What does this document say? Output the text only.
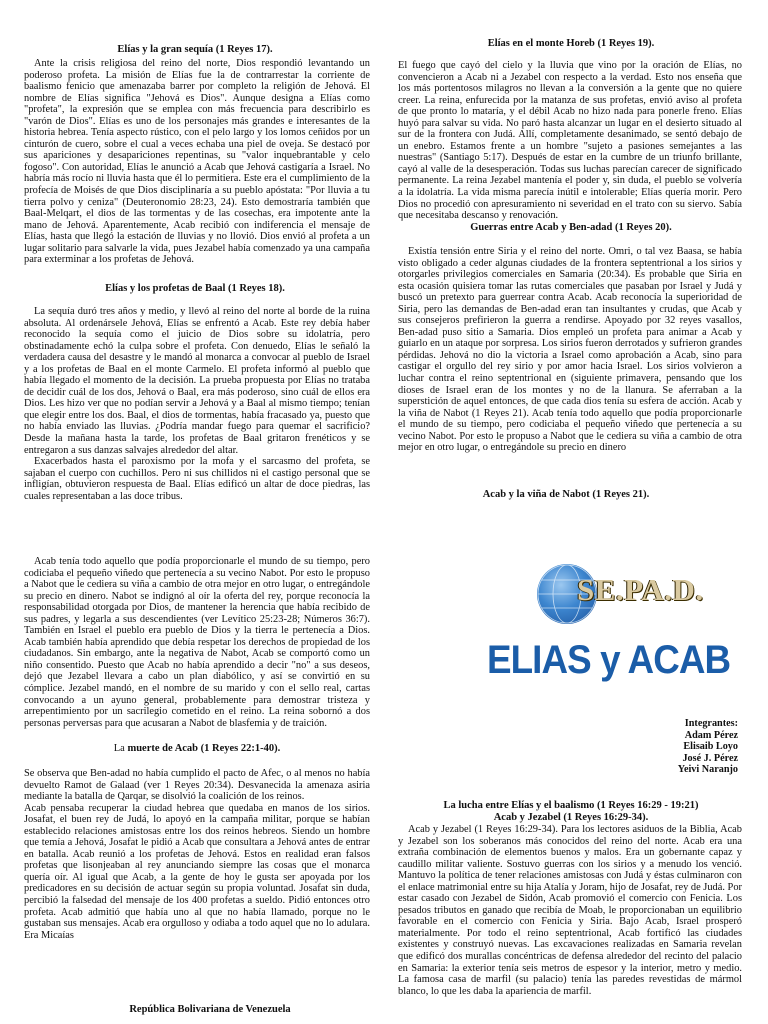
Elías y la gran sequía (1 Reyes 17).

Ante la crisis religiosa del reino del norte, Dios respondió levantando un poderoso profeta. La misión de Elías fue la de contrarrestar la corriente de baalismo fenicio que amenazaba barrer por completo la religión de Jehová. El nombre de Elías significa "Jehová es Dios". Aunque designa a Elías como "profeta", la expresión que se emplea con más frecuencia para describirlo es "varón de Dios". Elías es uno de los personajes más grandes e interesantes de la historia hebrea. Tenía aspecto rústico, con el pelo largo y los lomos ceñidos por un cinturón de cuero, sobre el cual a veces echaba una piel de oveja. Se destacó por sus apariciones y desapariciones repentinas, su "valor inquebrantable y celo fogoso". Con autoridad, Elías le anunció a Acab que Jehová castigaría a Israel. No habría más rocío ni lluvia hasta que él lo permitiera. Este era el cumplimiento de la profecía de Moisés de que Dios disciplinaría a su pueblo apóstata: "Por lluvia a tu tierra polvo y ceniza" (Deuteronomio 28:23, 24). Esto demostraría también que Baal-Melqart, el dios de las tormentas y de las cosechas, era impotente ante la mano de Jehová. Aparentemente, Acab recibió con indiferencia el mensaje de Elías, hasta que llegó la estación de lluvias y no llovió. Dios envió al profeta a un lugar solitario para salvarle la vida, pues Jezabel había comenzado ya una campaña para exterminar a los profetas de Jehová.

Elías y los profetas de Baal (1 Reyes 18).

La sequía duró tres años y medio, y llevó al reino del norte al borde de la ruina absoluta. Al ordenársele Jehová, Elías se enfrentó a Acab. Este rey debía haber reconocido la sequía como el juicio de Dios sobre su idolatría, pero obstinadamente echó la culpa sobre el profeta. Con denuedo, Elías le señaló la verdadera causa del desastre y le mandó al monarca a convocar al pueblo de Israel y a los profetas de Baal en el monte Carmelo. El profeta informó al pueblo que había llegado el momento de la decisión. La prueba propuesta por Elías no trataba de decidir cuál de los dos, Jehová o Baal, era más poderoso, sino cuál de ellos era Dios. Les hizo ver que no podían servir a Jehová y a Baal al mismo tiempo; tenían que elegir entre los dos. Baal, el dios de tormentas, había fracasado ya, puesto que no había enviado las lluvias. ¿Podría mandar fuego para quemar el sacrificio? Desde la mañana hasta la tarde, los profetas de Baal gritaron frenéticos y se entregaron a sus danzas salvajes alrededor del altar.

Exacerbados hasta el paroxismo por la mofa y el sarcasmo del profeta, se sajaban el cuerpo con cuchillos. Pero ni sus chillidos ni el castigo personal que se infligían, obtuvieron respuesta de Baal. Elías edificó un altar de doce piedras, las cuales representaban a las doce tribus.

Acab tenía todo aquello que podía proporcionarle el mundo de su tiempo, pero codiciaba el pequeño viñedo que pertenecía a su vecino Nabot. Por esto le propuso a Nabot que le cediera su viña a cambio de otra mejor en otro lugar, o entregándole su precio en dinero. Nabot se indignó al oír la oferta del rey, porque reconocía la responsabilidad otorgada por Dios, de mantener la herencia que había recibido de sus padres, y legarla a sus descendientes (ver Levítico 25:23-28; Números 36:7). También en Israel el pueblo era pueblo de Dios y la tierra le pertenecía a Dios. Acab también había aprendido que debía respetar los derechos de propiedad de los ciudadanos. Sin embargo, ante la negativa de Nabot, Acab se comportó como un niño consentido. Puesto que Acab no había aprendido a decir "no" a sus deseos, dejó que Jezabel llevara a cabo un plan diabólico, y así se convirtió en su cómplice. Jezabel mandó, en el nombre de su marido y con el sello real, cartas convocando a un ayuno general, probablemente para demostrar tristeza y arrepentimiento por un sacrilegio cometido en el reino. La reina sobornó a dos personas perversas para que acusaran a Nabot de blasfemia y de traición.

La muerte de Acab (1 Reyes 22:1-40).

Se observa que Ben-adad no había cumplido el pacto de Afec, o al menos no había devuelto Ramot de Galaad (ver 1 Reyes 20:34). Desvanecida la amenaza asiria mediante la batalla de Qarqar, se disolvió la coalición de los reinos.

Acab pensaba recuperar la ciudad hebrea que quedaba en manos de los sirios. Josafat, el buen rey de Judá, lo apoyó en la campaña militar, porque se habían establecido relaciones amistosas entre los dos reinos hebreos. Siendo un hombre que temía a Jehová, Josafat le pidió a Acab que consultara a Jehová antes de entrar en batalla. Acab reunió a los profetas de Jehová. Estos en realidad eran falsos profetas que lisonjeaban al rey anunciando siempre las cosas que el monarca quería oír. Al igual que Acab, a la gente de hoy le gusta ser apoyada por los predicadores en su decisión de actuar según su propia voluntad. Josafat sin duda, percibió la falsedad del mensaje de los 400 profetas a sueldo. Pidió entonces otro profeta. Acab admitió que había uno al que no había llamado, porque no le gustaban sus mensajes. Acab era orgulloso y odiaba a todo aquel que no lo adulara. Era Micaías

República Bolivariana de Venezuela
Elías en el monte Horeb (1 Reyes 19).

El fuego que cayó del cielo y la lluvia que vino por la oración de Elías, no convencieron a Acab ni a Jezabel con respecto a la verdad. Esto nos enseña que los más portentosos milagros no llevan a la conversión a la gente que no quiere creer. La reina, enfurecida por la matanza de sus profetas, envió aviso al profeta de que pronto lo mataría, y el débil Acab no hizo nada para ponerle freno. Elías huyó para salvar su vida. No paró hasta alcanzar un lugar en el desierto situado al sur de la frontera con Judá. Allí, completamente desanimado, se sentó debajo de un enebro. Estamos frente a un hombre "sujeto a pasiones semejantes a las nuestras" (Santiago 5:17). Después de estar en la cumbre de un triunfo brillante, cayó al valle de la desesperación. Todas sus luchas parecían carecer de significado permanente. La reina Jezabel mantenía el poder y, sin duda, el pueblo se volvería a la idolatría. La vida misma parecía inútil e intolerable; Elías quería morir. Pero Dios no procedió con apresuramiento ni severidad en el trato con su siervo. Sabía que necesitaba descanso y renovación.

Guerras entre Acab y Ben-adad (1 Reyes 20).

Existía tensión entre Siria y el reino del norte. Omri, o tal vez Baasa, se había visto obligado a ceder algunas ciudades de la frontera septentrional a los sirios y otorgarles privilegios comerciales en Samaria (20:34). Es probable que Siria en esta ocasión quisiera tomar las rutas comerciales que pasaban por Israel y Judá y buscó un pretexto para guerrear contra Acab. Acab reconocía la superioridad de Siria, pero las demandas de Ben-adad eran tan insultantes y crudas, que Acab y sus consejeros prefirieron la guerra a rendirse. Apoyado por 32 reyes vasallos, Ben-adad puso sitio a Samaria. Dios empleó un profeta para animar a Acab y guiarlo en un ataque por sorpresa. Los sirios fueron derrotados y sufrieron grandes pérdidas. Jehová no dio la victoria a Israel como aprobación a Acab, sino para castigar el orgullo del rey sirio y por amor hacia Israel. Los sirios volvieron a luchar contra el reino septentrional en (siguiente primavera, pensando que los dioses de Israel eran de los montes y no de la llanura. Se aferraban a la superstición de aquel entonces, de que cada dios tenía su esfera de acción. Acab y la viña de Nabot (1 Reyes 21). Acab tenía todo aquello que podía proporcionarle el mundo de su tiempo, pero codiciaba el pequeño viñedo que pertenecía a su vecino Nabot. Por esto le propuso a Nabot que le cediera su viña a cambio de otra mejor en otro lugar, o entregándole su precio en dinero

Acab y la viña de Nabot (1 Reyes 21).
SE.PA.D.
ELIAS y ACAB
Integrantes:
Adam Pérez
Elisaib Loyo
José J. Pérez
Yeivi Naranjo
La lucha entre Elías y el baalismo (1 Reyes 16:29 - 19:21)
Acab y Jezabel (1 Reyes 16:29-34).

Acab y Jezabel (1 Reyes 16:29-34). Para los lectores asiduos de la Biblia, Acab y Jezabel son los soberanos más conocidos del reino del norte. Acab era una extraña combinación de elementos buenos y malos. Era un gobernante capaz y caudillo militar valiente. Sostuvo guerras con los sirios y a menudo los venció. Mantuvo la política de tener relaciones amistosas con Judá y éstas culminaron con el enlace matrimonial entre su hija Atalía y Joram, hijo de Josafat, rey de Judá. Por estar casado con Jezabel de Sidón, Acab promovió el comercio con Fenicia. Los pesados tributos en ganado que recibía de Moab, le proporcionaban un equilibrio favorable en el comercio con Fenicia y Siria. Bajo Acab, Israel prosperó materialmente. Por todo el reino septentrional, Acab fortificó las ciudades existentes y construyó nuevas. Las excavaciones realizadas en Samaria revelan que edificó dos murallas concéntricas de defensa alrededor del recinto del palacio en Samaria: la exterior tenía seis metros de espesor y la interior, metro y medio. La famosa casa de marfil (su palacio) tenía las paredes revestidas de mármol blanco, lo que les daba la apariencia de marfil.
